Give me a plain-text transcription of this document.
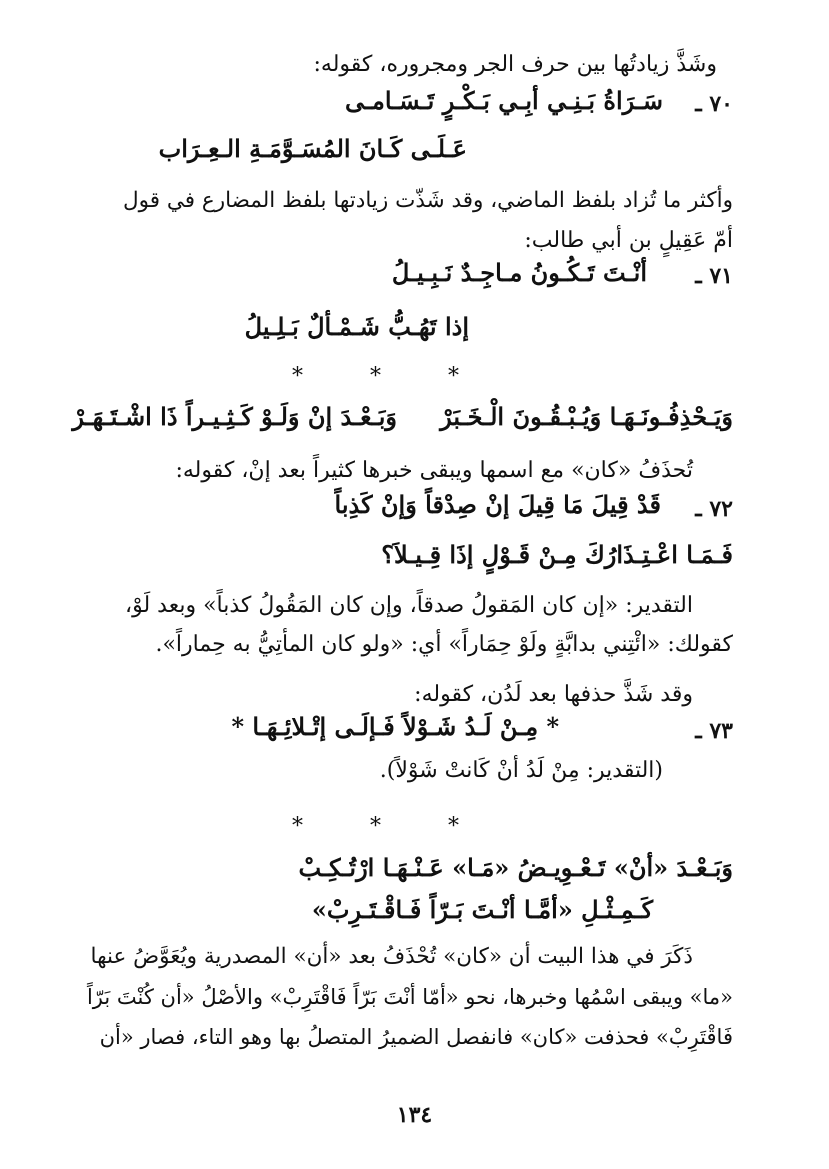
وشَذَّ زيادتُها بين حرف الجر ومجروره، كقوله:
٧٠ ـ
سَـرَاةُ بَـنِـي أبِـي بَـكْـرٍ تَـسَـامـى
عَـلَـى كَـانَ المُسَـوَّمَـةِ الـعِـرَاب
وأكثر ما تُزاد بلفظ الماضي، وقد شَذّت زيادتها بلفظ المضارع في قول
أمّ عَقِيلٍ بن أبي طالب:
٧١ ـ
أنْـتَ تَـكُـونُ مـاجِـدٌ نَـبِـيـلُ
إذا تَهُـبُّ شَـمْـألٌ بَـلِـيلُ
* * *
وَيَـحْذِفُـونَـهَـا وَيُـبْـقُـونَ الْـخَـبَرْ
وَبَـعْـدَ إنْ وَلَـوْ كَـثِـيـراً ذَا اشْـتَـهَـرْ
تُحذَفُ «كان» مع اسمها ويبقى خبرها كثيراً بعد إنْ، كقوله:
٧٢ ـ
قَدْ قِيلَ مَا قِيلَ إنْ صِدْقاً وَإنْ كَذِباً
فَـمَـا اعْـتِـذَارُكَ مِـنْ قَـوْلٍ إذَا قِـيـلاَ؟
التقدير: «إن كان المَقولُ صدقاً، وإن كان المَقُولُ كذباً» وبعد لَوْ،
كقولك: «ائْتِني بدابَّةٍ ولَوْ حِمَاراً» أي: «ولو كان المأتِيُّ به حِماراً».
وقد شَذَّ حذفها بعد لَدُن، كقوله:
٧٣ ـ
* مِـنْ لَـدُ شَـوْلاً فَـإلَـى إتْـلائِـهَـا *
(التقدير: مِنْ لَدُ أنْ كَانتْ شَوْلاً).
* * *
وَبَـعْـدَ «أنْ» تَـعْـوِيـضُ «مَـا» عَـنْـهَـا ارْتُـكِـبْ
كَـمِـثْـلِ «أمَّـا أنْـتَ بَـرّاً فَـاقْـتَـرِبْ»
ذَكَرَ في هذا البيت أن «كان» تُحْذَفُ بعد «أن» المصدرية ويُعَوَّضُ عنها
«ما» ويبقى اسْمُها وخبرها، نحو «أمّا أنْتَ بَرّاً فَاقْتَرِبْ» والأصْلُ «أن كُنْتَ بَرّاً
فَاقْتَرِبْ» فحذفت «كان» فانفصل الضميرُ المتصلُ بها وهو التاء، فصار «أن
١٣٤
